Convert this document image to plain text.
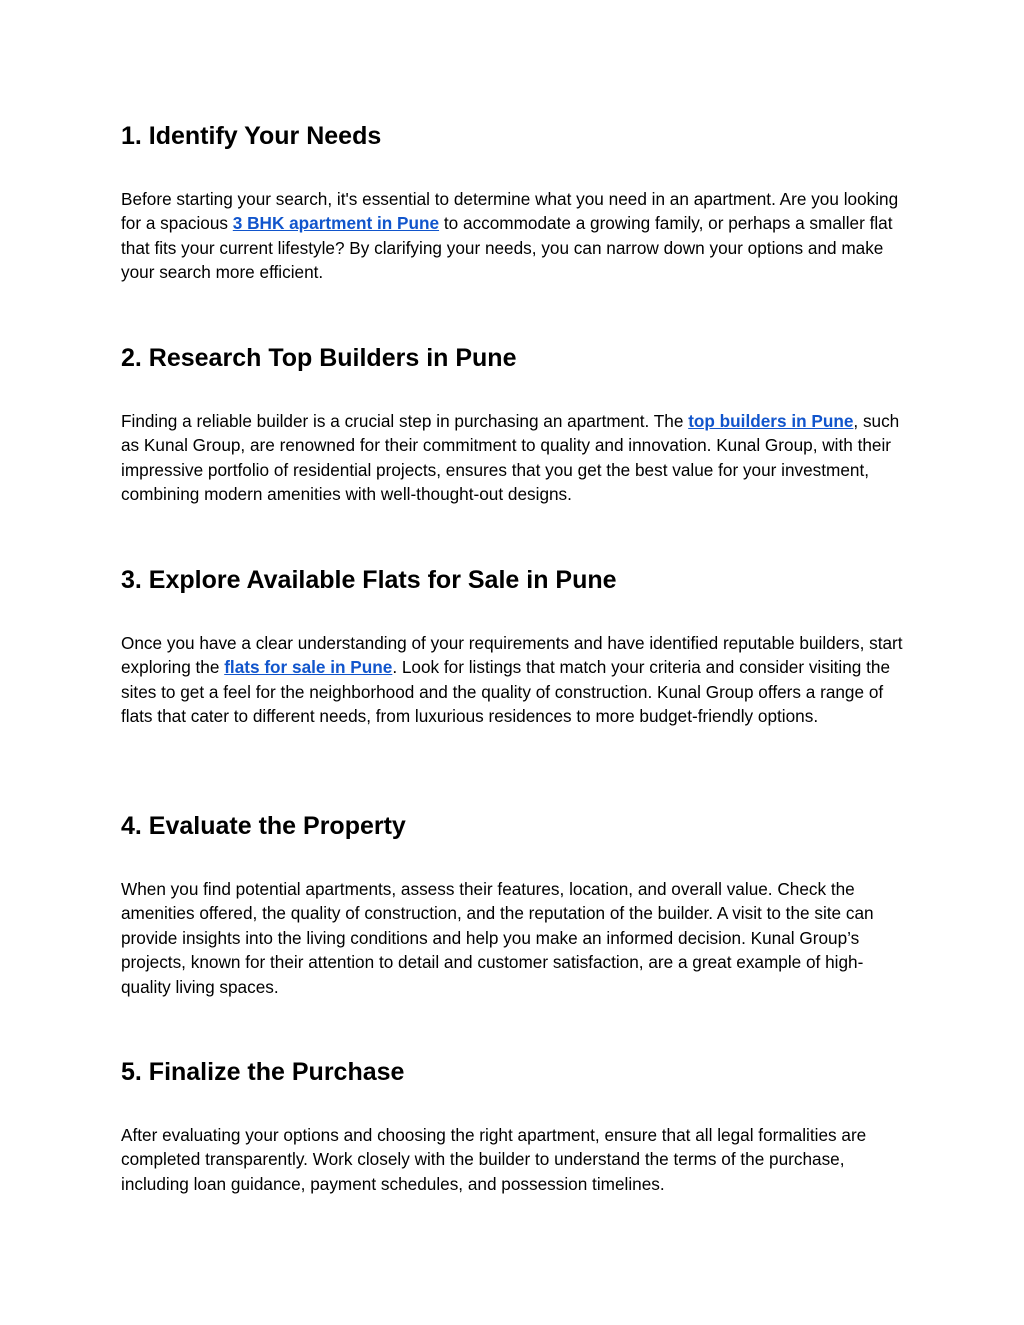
1. Identify Your Needs

Before starting your search, it's essential to determine what you need in an apartment. Are you looking for a spacious 3 BHK apartment in Pune to accommodate a growing family, or perhaps a smaller flat that fits your current lifestyle? By clarifying your needs, you can narrow down your options and make your search more efficient.

2. Research Top Builders in Pune

Finding a reliable builder is a crucial step in purchasing an apartment. The top builders in Pune, such as Kunal Group, are renowned for their commitment to quality and innovation. Kunal Group, with their impressive portfolio of residential projects, ensures that you get the best value for your investment, combining modern amenities with well-thought-out designs.

3. Explore Available Flats for Sale in Pune

Once you have a clear understanding of your requirements and have identified reputable builders, start exploring the flats for sale in Pune. Look for listings that match your criteria and consider visiting the sites to get a feel for the neighborhood and the quality of construction. Kunal Group offers a range of flats that cater to different needs, from luxurious residences to more budget-friendly options.

4. Evaluate the Property

When you find potential apartments, assess their features, location, and overall value. Check the amenities offered, the quality of construction, and the reputation of the builder. A visit to the site can provide insights into the living conditions and help you make an informed decision. Kunal Group’s projects, known for their attention to detail and customer satisfaction, are a great example of high-quality living spaces.

5. Finalize the Purchase

After evaluating your options and choosing the right apartment, ensure that all legal formalities are completed transparently. Work closely with the builder to understand the terms of the purchase, including loan guidance, payment schedules, and possession timelines.
